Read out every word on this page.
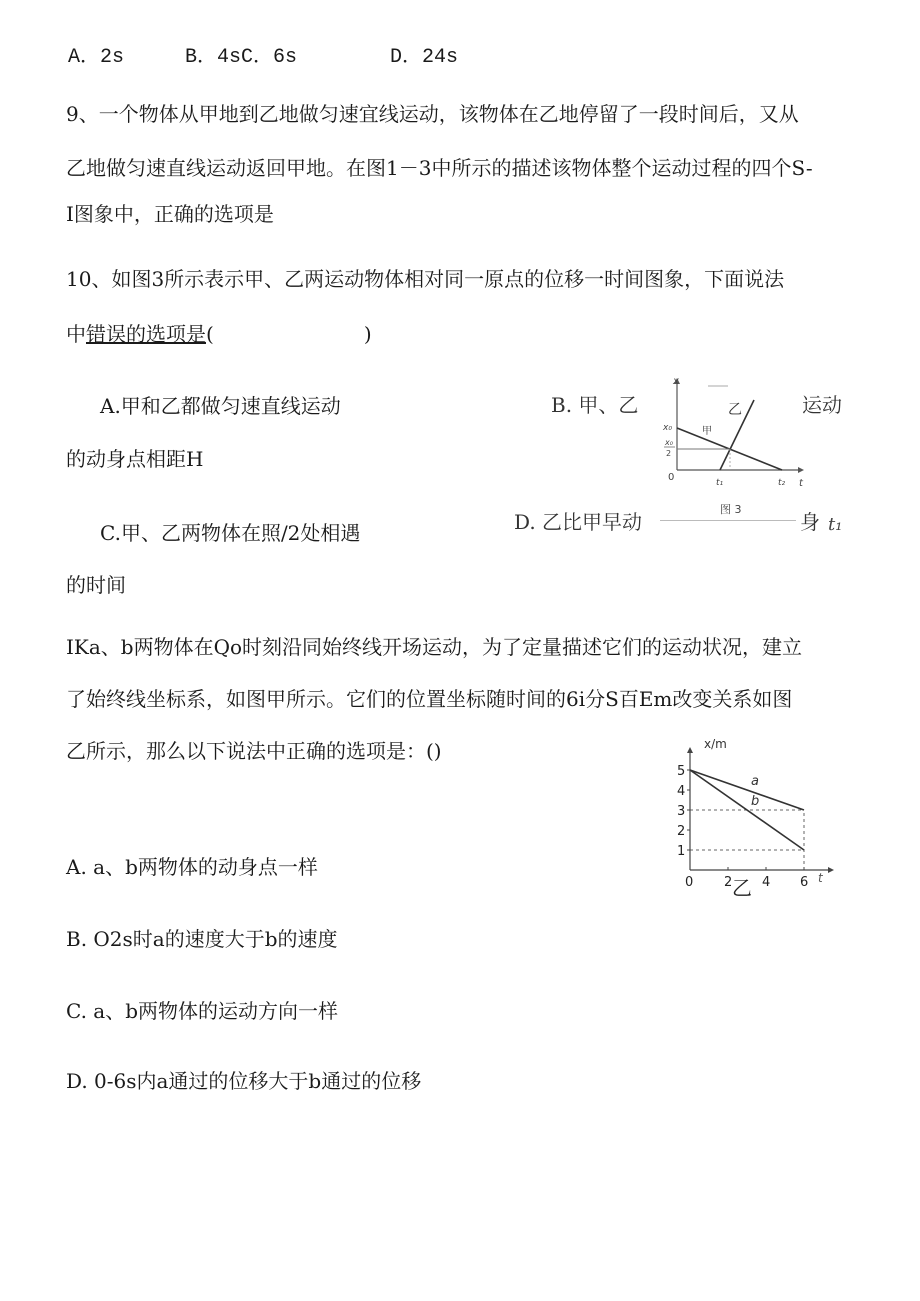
A．2s	B．4sC．6s	D．24s
9、一个物体从甲地到乙地做匀速宜线运动，该物体在乙地停留了一段时间后，又从
乙地做匀速直线运动返回甲地。在图1－3中所示的描述该物体整个运动过程的四个S-
I图象中，正确的选项是
10、如图3所示表示甲、乙两运动物体相对同一原点的位移一时间图象，下面说法
中错误的选项是(	)
A.甲和乙都做匀速直线运动
的动身点相距H
C.甲、乙两物体在照/2处相遇
的时间
B. 甲、乙	运动
D. 乙比甲早动	身 t₁
x
t
0
x₀
x₀
2
t₁	t₂
甲
乙
图 3
IKa、b两物体在Qo时刻沿同始终线开场运动，为了定量描述它们的运动状况，建立
了始终线坐标系，如图甲所示。它们的位置坐标随时间的6i分S百Em改变关系如图
乙所示，那么以下说法中正确的选项是：()
A. a、b两物体的动身点一样
B. O2s时a的速度大于b的速度
C. a、b两物体的运动方向一样
D. 0-6s内a通过的位移大于b通过的位移
a
b
1
2
3
4
5
0 2 4 6
x/m
t
乙
